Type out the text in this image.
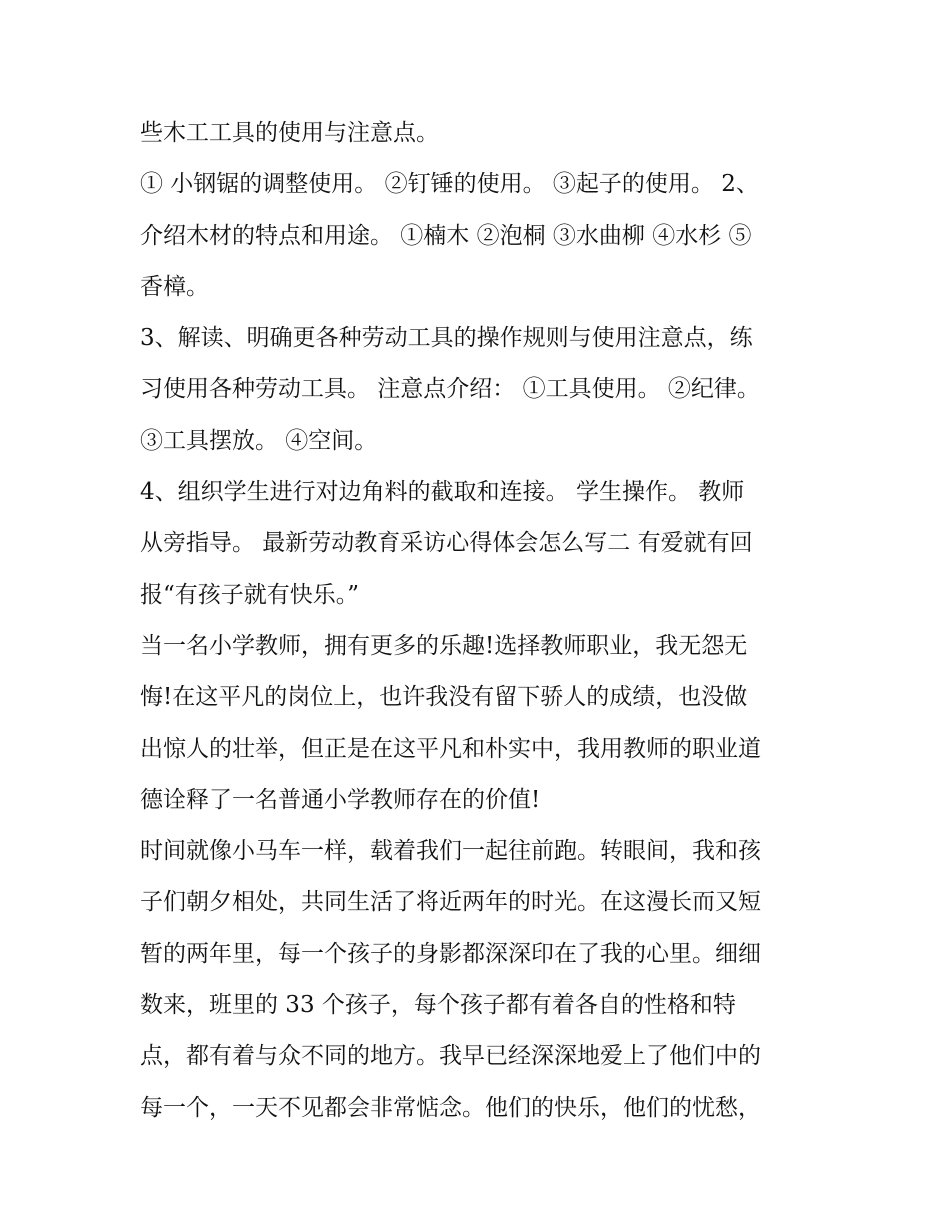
些木工工具的使用与注意点。
① 小钢锯的调整使用。 ②钉锤的使用。 ③起子的使用。 2、
介绍木材的特点和用途。 ①楠木 ②泡桐 ③水曲柳 ④水杉 ⑤
香樟。
3、解读、明确更各种劳动工具的操作规则与使用注意点，练
习使用各种劳动工具。 注意点介绍： ①工具使用。 ②纪律。
③工具摆放。 ④空间。
4、组织学生进行对边角料的截取和连接。 学生操作。 教师
从旁指导。 最新劳动教育采访心得体会怎么写二 有爱就有回
报“有孩子就有快乐。”
当一名小学教师，拥有更多的乐趣!选择教师职业，我无怨无
悔!在这平凡的岗位上，也许我没有留下骄人的成绩，也没做
出惊人的壮举，但正是在这平凡和朴实中，我用教师的职业道
德诠释了一名普通小学教师存在的价值!
时间就像小马车一样，载着我们一起往前跑。转眼间，我和孩
子们朝夕相处，共同生活了将近两年的时光。在这漫长而又短
暂的两年里，每一个孩子的身影都深深印在了我的心里。细细
数来，班里的 33 个孩子，每个孩子都有着各自的性格和特
点，都有着与众不同的地方。我早已经深深地爱上了他们中的
每一个，一天不见都会非常惦念。他们的快乐，他们的忧愁，
